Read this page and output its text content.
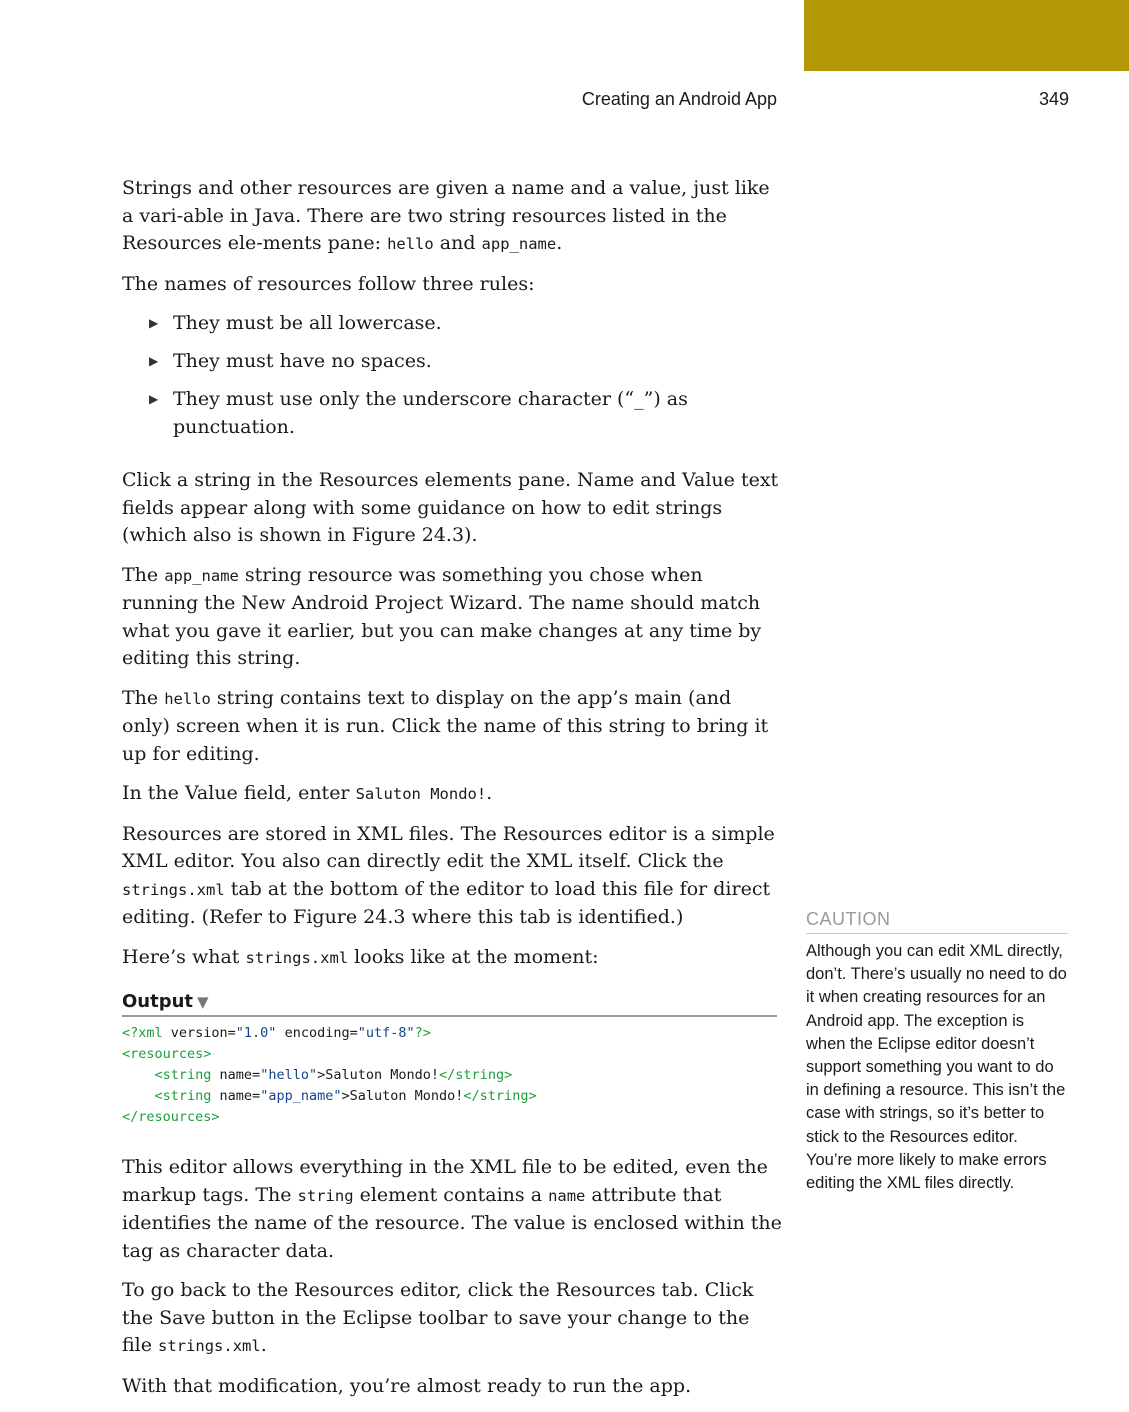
Creating an Android App	349

Strings and other resources are given a name and a value, just like a vari-able in Java. There are two string resources listed in the Resources ele-ments pane: hello and app_name.

The names of resources follow three rules:

▶ They must be all lowercase.
▶ They must have no spaces.
▶ They must use only the underscore character (“_”) as punctuation.

Click a string in the Resources elements pane. Name and Value text fields appear along with some guidance on how to edit strings (which also is shown in Figure 24.3).

The app_name string resource was something you chose when running the New Android Project Wizard. The name should match what you gave it earlier, but you can make changes at any time by editing this string.

The hello string contains text to display on the app’s main (and only) screen when it is run. Click the name of this string to bring it up for editing.

In the Value field, enter Saluton Mondo!.

Resources are stored in XML files. The Resources editor is a simple XML editor. You also can directly edit the XML itself. Click the strings.xml tab at the bottom of the editor to load this file for direct editing. (Refer to Figure 24.3 where this tab is identified.)

Here’s what strings.xml looks like at the moment:

Output ▼
<?xml version="1.0" encoding="utf-8"?>
<resources>
<string name="hello">Saluton Mondo!</string>
<string name="app_name">Saluton Mondo!</string>
</resources>

This editor allows everything in the XML file to be edited, even the markup tags. The string element contains a name attribute that identifies the name of the resource. The value is enclosed within the tag as character data.

To go back to the Resources editor, click the Resources tab. Click the Save button in the Eclipse toolbar to save your change to the file strings.xml.

With that modification, you’re almost ready to run the app.

CAUTION
Although you can edit XML directly, don’t. There’s usually no need to do it when creating resources for an Android app. The exception is when the Eclipse editor doesn’t support something you want to do in defining a resource. This isn’t the case with strings, so it’s better to stick to the Resources editor. You’re more likely to make errors editing the XML files directly.
